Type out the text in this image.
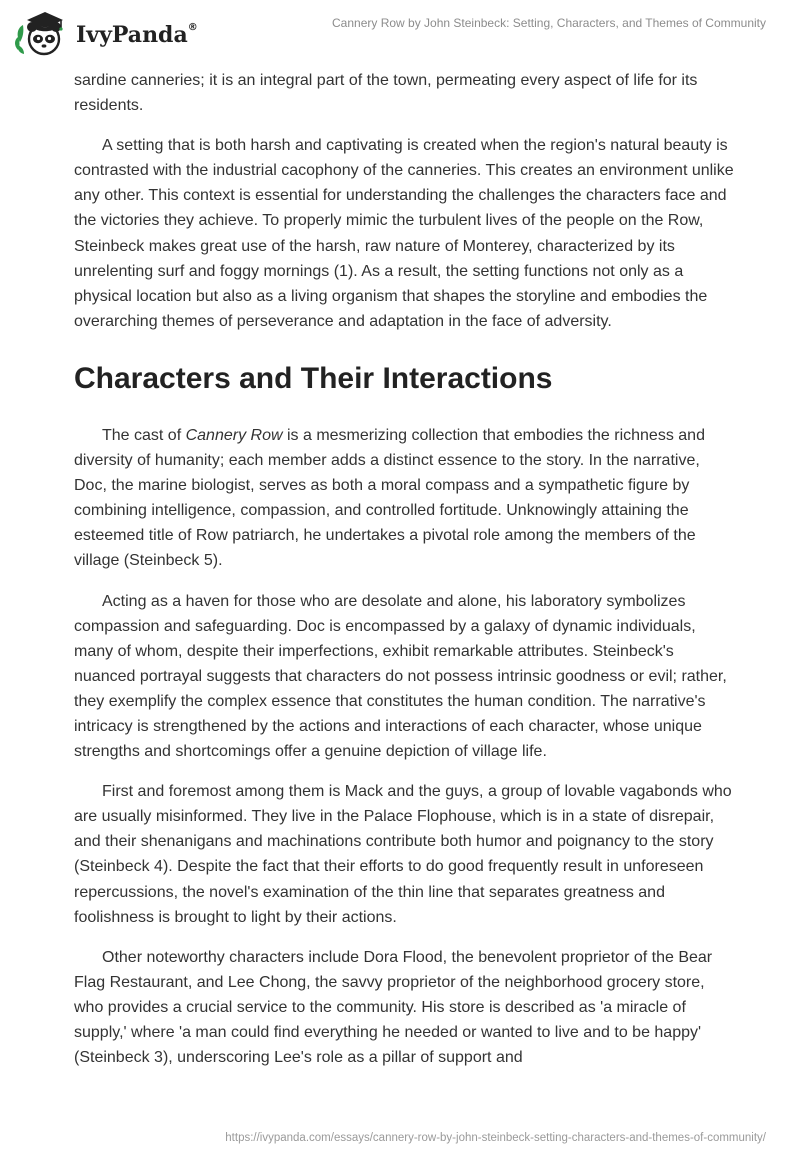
IvyPanda®	Cannery Row by John Steinbeck: Setting, Characters, and Themes of Community

sardine canneries; it is an integral part of the town, permeating every aspect of life for its residents.

A setting that is both harsh and captivating is created when the region's natural beauty is contrasted with the industrial cacophony of the canneries. This creates an environment unlike any other. This context is essential for understanding the challenges the characters face and the victories they achieve. To properly mimic the turbulent lives of the people on the Row, Steinbeck makes great use of the harsh, raw nature of Monterey, characterized by its unrelenting surf and foggy mornings (1). As a result, the setting functions not only as a physical location but also as a living organism that shapes the storyline and embodies the overarching themes of perseverance and adaptation in the face of adversity.

Characters and Their Interactions

The cast of Cannery Row is a mesmerizing collection that embodies the richness and diversity of humanity; each member adds a distinct essence to the story. In the narrative, Doc, the marine biologist, serves as both a moral compass and a sympathetic figure by combining intelligence, compassion, and controlled fortitude. Unknowingly attaining the esteemed title of Row patriarch, he undertakes a pivotal role among the members of the village (Steinbeck 5).

Acting as a haven for those who are desolate and alone, his laboratory symbolizes compassion and safeguarding. Doc is encompassed by a galaxy of dynamic individuals, many of whom, despite their imperfections, exhibit remarkable attributes. Steinbeck's nuanced portrayal suggests that characters do not possess intrinsic goodness or evil; rather, they exemplify the complex essence that constitutes the human condition. The narrative's intricacy is strengthened by the actions and interactions of each character, whose unique strengths and shortcomings offer a genuine depiction of village life.

First and foremost among them is Mack and the guys, a group of lovable vagabonds who are usually misinformed. They live in the Palace Flophouse, which is in a state of disrepair, and their shenanigans and machinations contribute both humor and poignancy to the story (Steinbeck 4). Despite the fact that their efforts to do good frequently result in unforeseen repercussions, the novel's examination of the thin line that separates greatness and foolishness is brought to light by their actions.

Other noteworthy characters include Dora Flood, the benevolent proprietor of the Bear Flag Restaurant, and Lee Chong, the savvy proprietor of the neighborhood grocery store, who provides a crucial service to the community. His store is described as 'a miracle of supply,' where 'a man could find everything he needed or wanted to live and to be happy' (Steinbeck 3), underscoring Lee's role as a pillar of support and

https://ivypanda.com/essays/cannery-row-by-john-steinbeck-setting-characters-and-themes-of-community/
